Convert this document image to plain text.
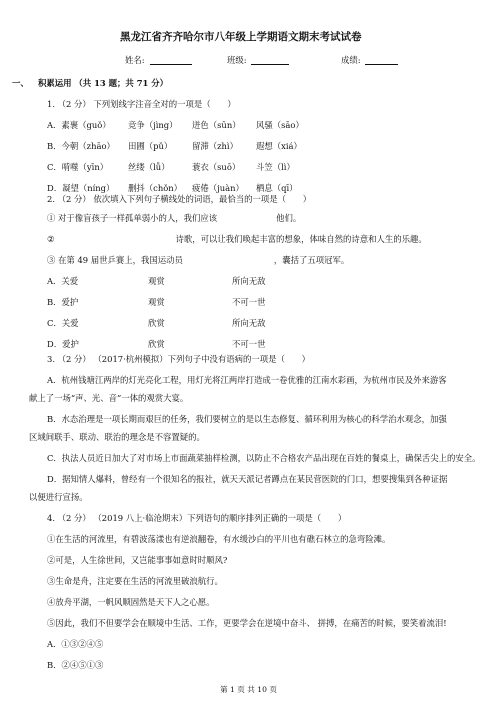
黑龙江省齐齐哈尔市八年级上学期语文期末考试试卷
姓名:	班级:	成绩:
一、 积累运用 （共 13 题；共 71 分）
1. （2 分） 下列划线字注音全对的一项是（　　）
A．素裹（guǒ） 竞争（jìng） 迸色（sūn） 风骚（sāo）
B．今朝（zhāo） 田圃（pǔ） 留滞（zhì） 遐想（xiá）
C．啃噬（yīn） 丝缕（lǚ）	蓑衣（suō） 斗笠（lì）
D．凝望（níng） 删抖（chǒn） 疲倦（juàn） 栖息（qī）
2. （2 分） 依次填入下列句子横线处的词语，最恰当的一项是（　　）
① 对于像盲孩子一样孤单弱小的人，我们应该	他们。
②	诗歌，可以让我们唤起丰富的想象，体味自然的诗意和人生的乐趣。
③ 在第 49 届世乒赛上，我国运动员	，囊括了五项冠军。
A．关爱	观赏	所向无敌
B．爱护	观赏	不可一世
C．关爱	欣赏	所向无敌
D．爱护	欣赏	不可一世
3. （2 分） （2017·杭州模拟）下列句子中没有语病的一项是（　　）
A．杭州钱塘江两岸的灯光亮化工程，用灯光将江两岸打造成一卷优雅的江南水彩画，为杭州市民及外来游客
献上了一场“声、光、音”一体的观赏大宴。
B．水态治理是一项长期而艰巨的任务，我们要树立的是以生态修复、循环利用为核心的科学治水观念，加强
区域间联手、联动、联治的理念是不容置疑的。
C．执法人员近日加大了对市场上市面蔬菜抽样检测，以防止不合格农产品出现在百姓的餐桌上，确保舌尖上的安全。
D．据知情人爆料，曾经有一个很知名的报社，就天天派记者蹲点在某民营医院的门口，想要搜集到各种证据
以便进行宣扬。
4. （2 分） （2019 八上·临沧期末）下列语句的顺序排列正确的一项是（　　）
①在生活的河流里，有碧波荡漾也有逆浪翻卷，有水缓沙白的平川也有礁石林立的急弯险滩。
②可是，人生徐世间，又岂能事事如意时时顺风?
③生命是舟，注定要在生活的河流里破浪航行。
④放舟平湖，一帆风顺固然是天下人之心愿。
⑤因此，我们不但要学会在顺境中生活、工作，更要学会在逆境中奋斗、 拼搏，在痛苦的时候，要笑着流泪!
A．①③②④⑤
B．②④⑤①③
第 1 页 共 10 页
